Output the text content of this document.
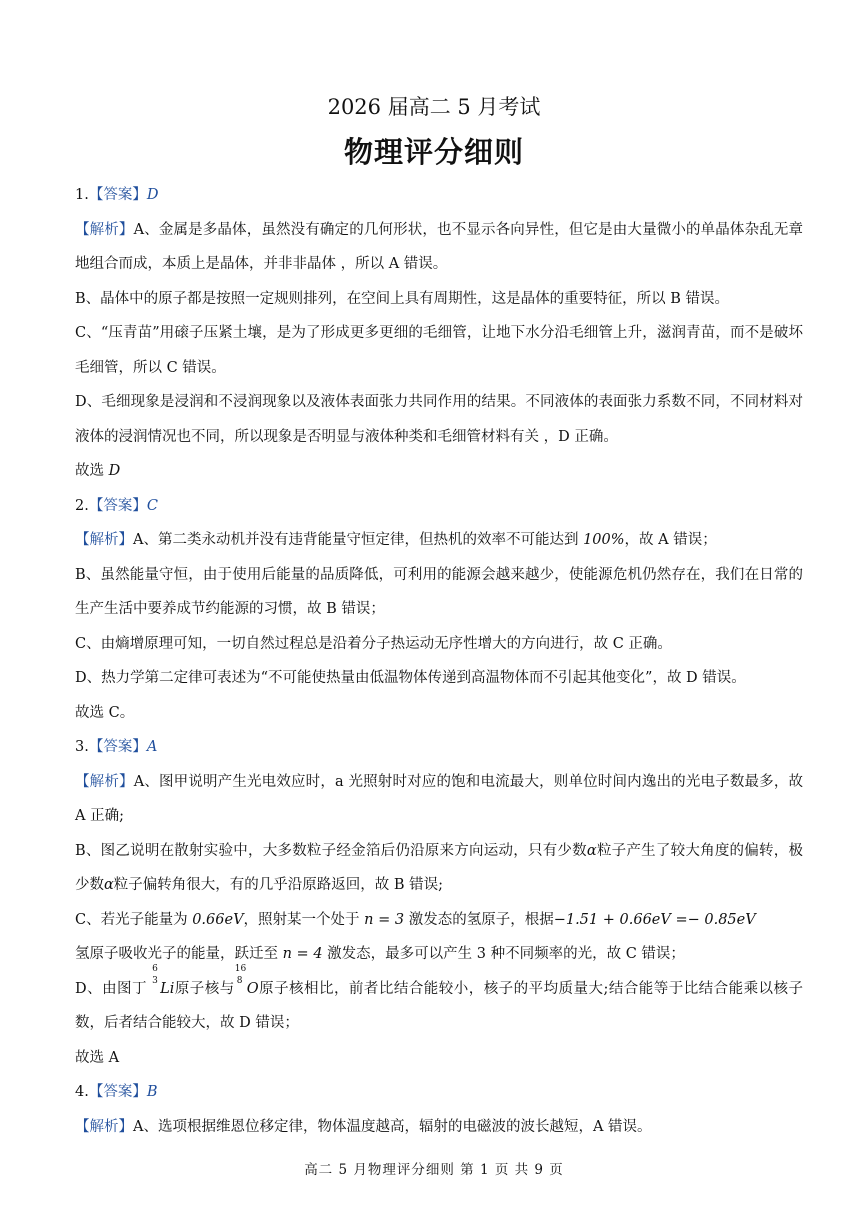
2026 届高二 5 月考试
物理评分细则

1.【答案】D

【解析】A、金属是多晶体，虽然没有确定的几何形状，也不显示各向异性，但它是由大量微小的单晶体杂乱无章地组合而成，本质上是晶体，并非非晶体 ，所以 A 错误。

B、晶体中的原子都是按照一定规则排列，在空间上具有周期性，这是晶体的重要特征，所以 B 错误。

C、“压青苗”用磙子压紧土壤，是为了形成更多更细的毛细管，让地下水分沿毛细管上升，滋润青苗，而不是破坏毛细管，所以 C 错误。

D、毛细现象是浸润和不浸润现象以及液体表面张力共同作用的结果。不同液体的表面张力系数不同，不同材料对液体的浸润情况也不同，所以现象是否明显与液体种类和毛细管材料有关 ，D 正确。

故选 D

2.【答案】C

【解析】A、第二类永动机并没有违背能量守恒定律，但热机的效率不可能达到 100%，故 A 错误；

B、虽然能量守恒，由于使用后能量的品质降低，可利用的能源会越来越少，使能源危机仍然存在，我们在日常的生产生活中要养成节约能源的习惯，故 B 错误；

C、由熵增原理可知，一切自然过程总是沿着分子热运动无序性增大的方向进行，故 C 正确。

D、热力学第二定律可表述为“不可能使热量由低温物体传递到高温物体而不引起其他变化”，故 D 错误。

故选 C。

3.【答案】A

【解析】A、图甲说明产生光电效应时，a 光照射时对应的饱和电流最大，则单位时间内逸出的光电子数最多，故 A 正确;

B、图乙说明在散射实验中，大多数粒子经金箔后仍沿原来方向运动，只有少数α粒子产生了较大角度的偏转，极少数α粒子偏转角很大，有的几乎沿原路返回，故 B 错误;

C、若光子能量为 0.66eV，照射某一个处于 n = 3 激发态的氢原子，根据−1.51 + 0.66eV =− 0.85eV
氢原子吸收光子的能量，跃迁至 n = 4 激发态，最多可以产生 3 种不同频率的光，故 C 错误；

D、由图丁
6
3 Li原子核与
16
8 O原子核相比，前者比结合能较小，核子的平均质量大;结合能等于比结合能乘以核子数，后者结合能较大，故 D 错误；

故选 A

4.【答案】B

【解析】A、选项根据维恩位移定律，物体温度越高，辐射的电磁波的波长越短，A 错误。

高二 5 月物理评分细则 第 1 页 共 9 页
